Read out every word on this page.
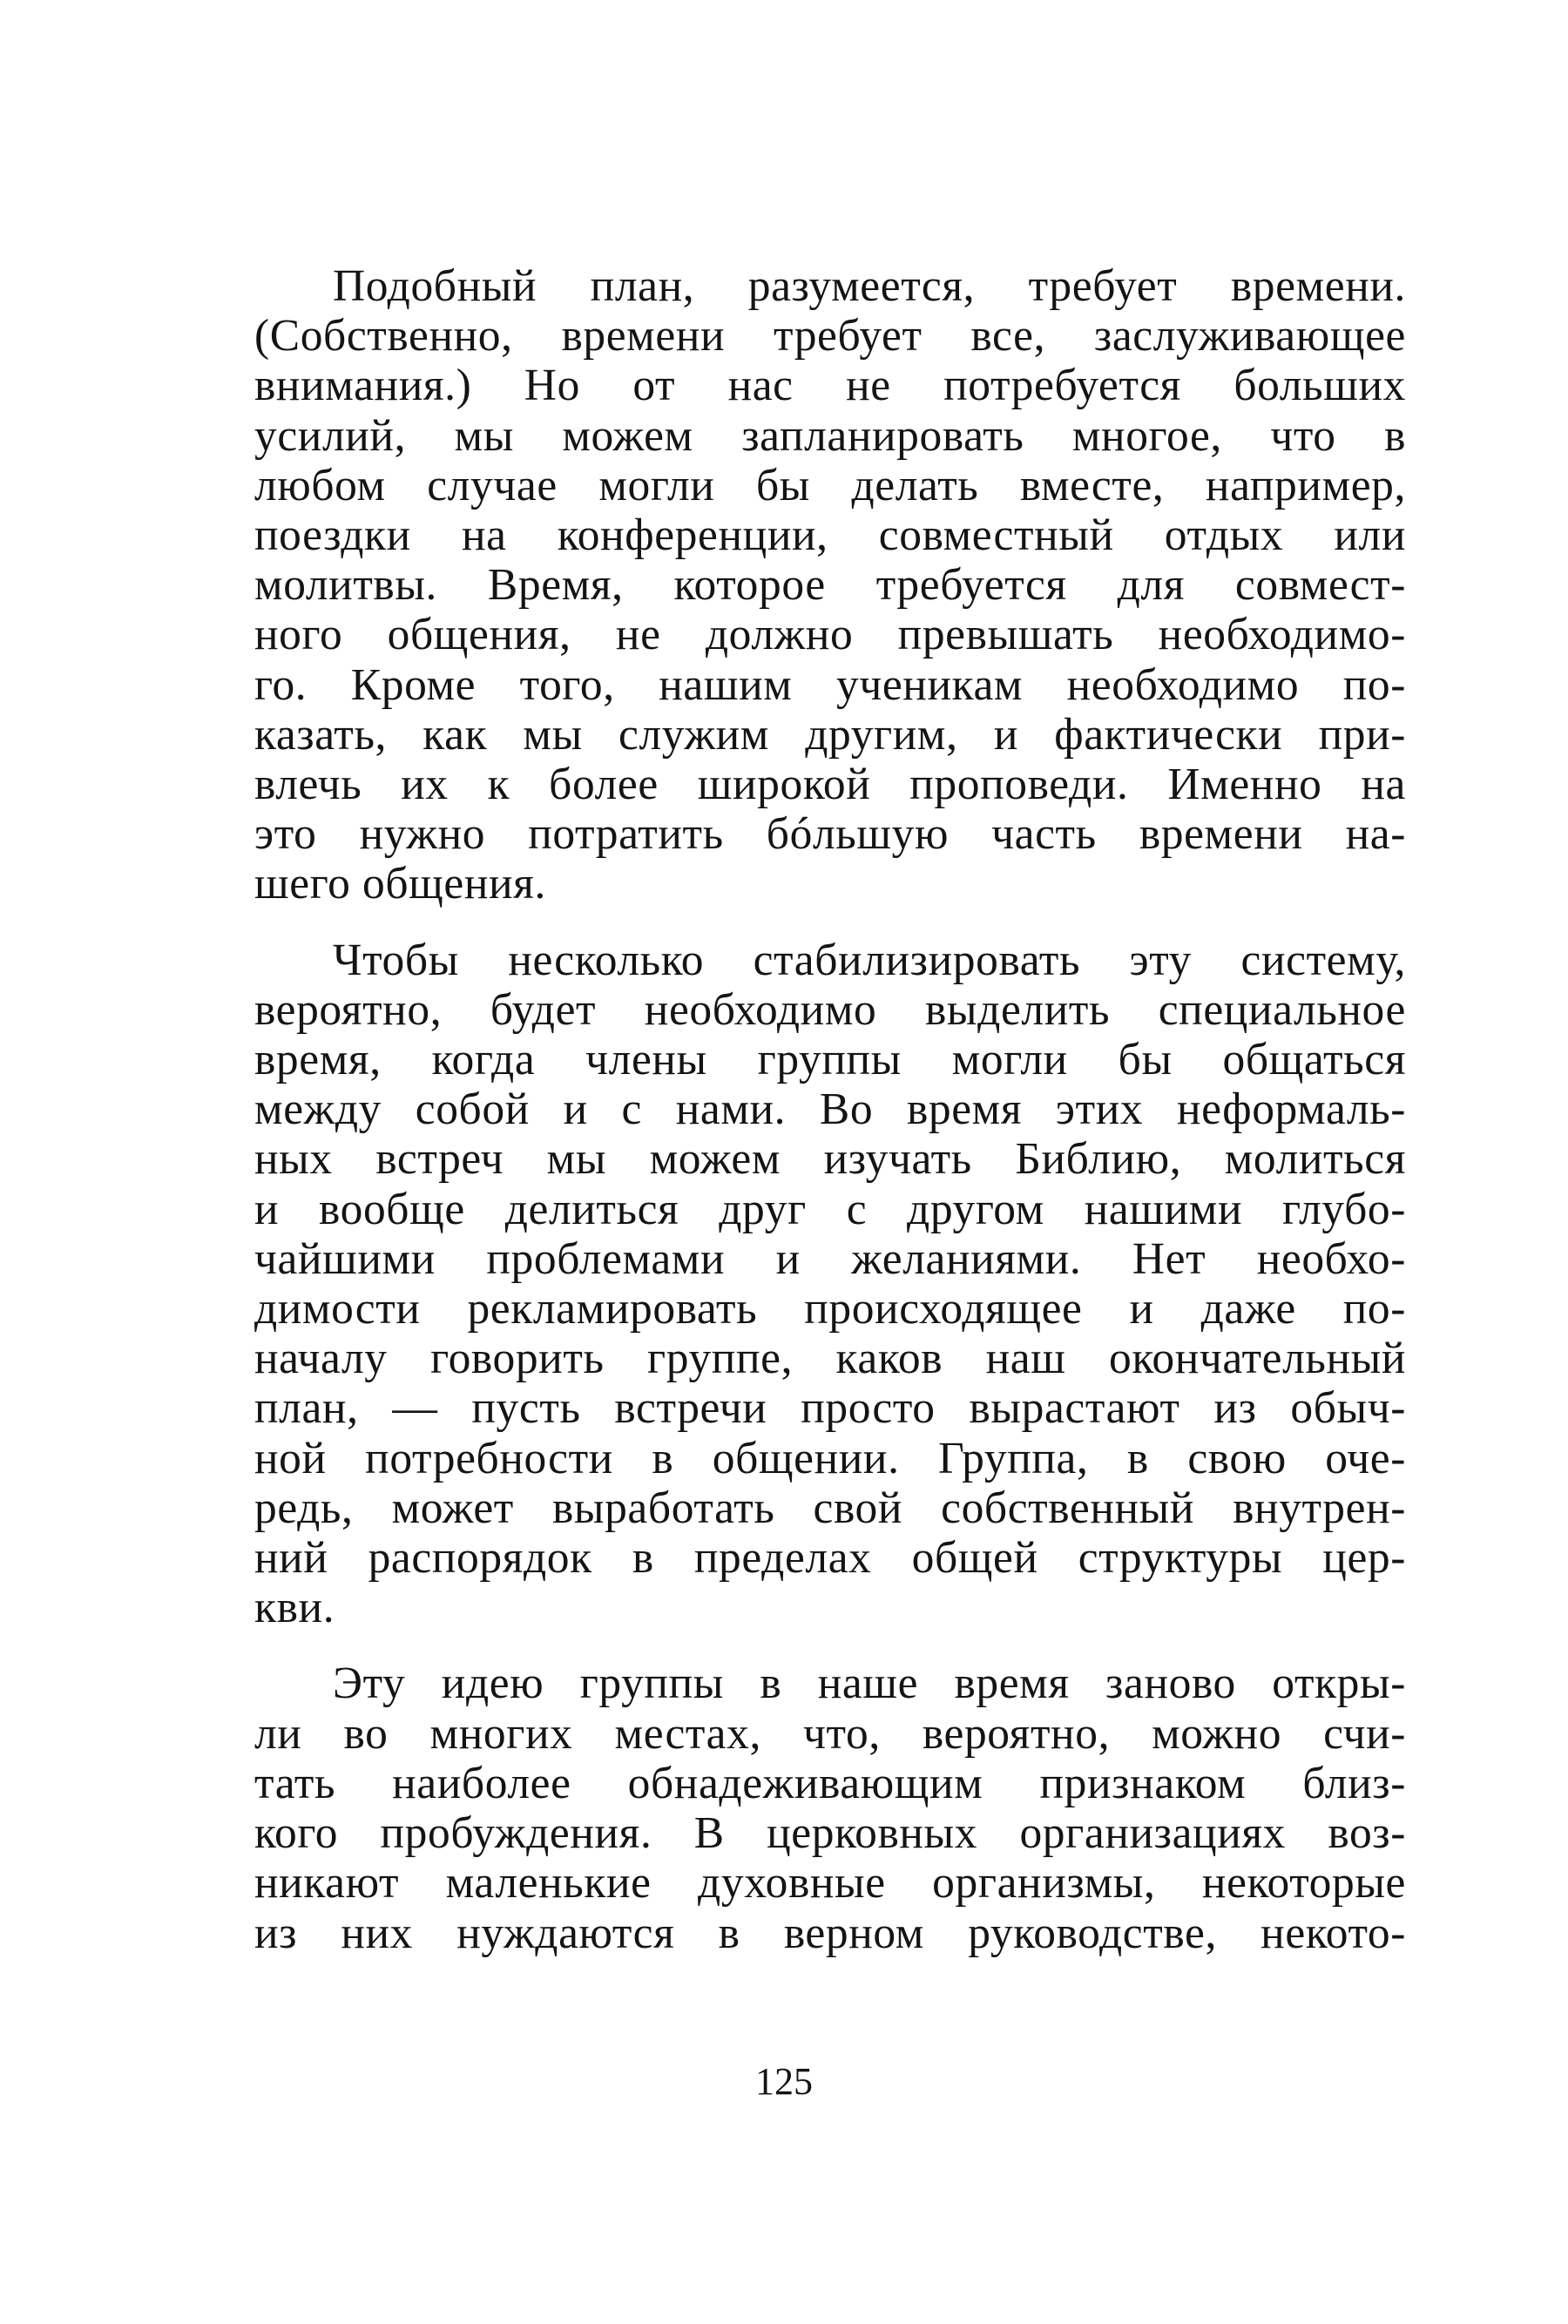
Подобный план, разумеется, требует времени.
(Собственно, времени требует все, заслуживающее
внимания.) Но от нас не потребуется больших
усилий, мы можем запланировать многое, что в
любом случае могли бы делать вместе, например,
поездки на конференции, совместный отдых или
молитвы. Время, которое требуется для совмест-
ного общения, не должно превышать необходимо-
го. Кроме того, нашим ученикам необходимо по-
казать, как мы служим другим, и фактически при-
влечь их к более широкой проповеди. Именно на
это нужно потратить бóльшую часть времени на-
шего общения.

Чтобы несколько стабилизировать эту систему,
вероятно, будет необходимо выделить специальное
время, когда члены группы могли бы общаться
между собой и с нами. Во время этих неформаль-
ных встреч мы можем изучать Библию, молиться
и вообще делиться друг с другом нашими глубо-
чайшими проблемами и желаниями. Нет необхо-
димости рекламировать происходящее и даже по-
началу говорить группе, каков наш окончательный
план, — пусть встречи просто вырастают из обыч-
ной потребности в общении. Группа, в свою оче-
редь, может выработать свой собственный внутрен-
ний распорядок в пределах общей структуры цер-
кви.

Эту идею группы в наше время заново откры-
ли во многих местах, что, вероятно, можно счи-
тать наиболее обнадеживающим признаком близ-
кого пробуждения. В церковных организациях воз-
никают маленькие духовные организмы, некоторые
из них нуждаются в верном руководстве, некото-

125
